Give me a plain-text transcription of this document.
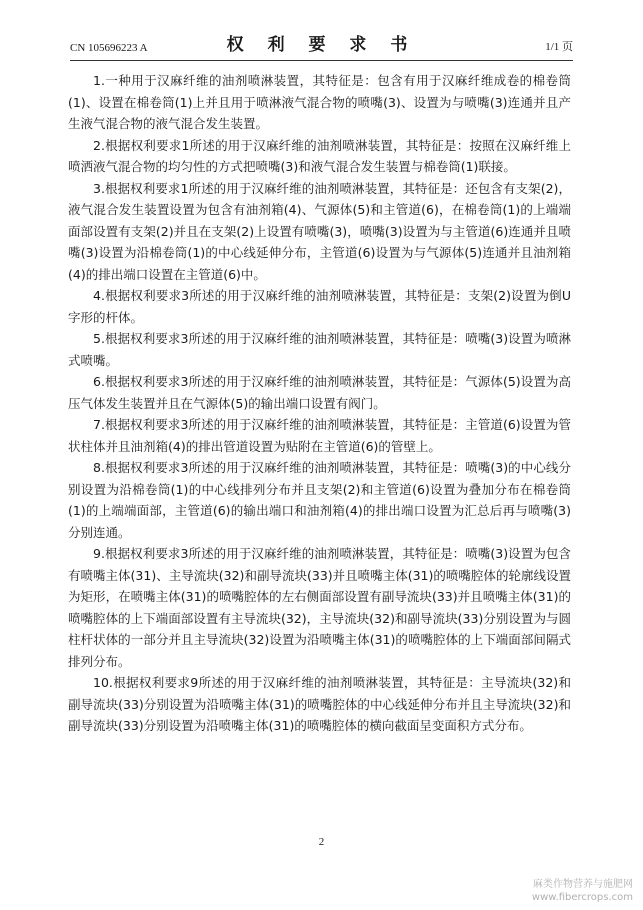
CN 105696223 A	权 利 要 求 书	1/1 页

1.一种用于汉麻纤维的油剂喷淋装置，其特征是：包含有用于汉麻纤维成卷的棉卷筒(1)、设置在棉卷筒(1)上并且用于喷淋液气混合物的喷嘴(3)、设置为与喷嘴(3)连通并且产生液气混合物的液气混合发生装置。

2.根据权利要求1所述的用于汉麻纤维的油剂喷淋装置，其特征是：按照在汉麻纤维上喷洒液气混合物的均匀性的方式把喷嘴(3)和液气混合发生装置与棉卷筒(1)联接。

3.根据权利要求1所述的用于汉麻纤维的油剂喷淋装置，其特征是：还包含有支架(2)，液气混合发生装置设置为包含有油剂箱(4)、气源体(5)和主管道(6)，在棉卷筒(1)的上端端面部设置有支架(2)并且在支架(2)上设置有喷嘴(3)，喷嘴(3)设置为与主管道(6)连通并且喷嘴(3)设置为沿棉卷筒(1)的中心线延伸分布，主管道(6)设置为与气源体(5)连通并且油剂箱(4)的排出端口设置在主管道(6)中。

4.根据权利要求3所述的用于汉麻纤维的油剂喷淋装置，其特征是：支架(2)设置为倒U字形的杆体。

5.根据权利要求3所述的用于汉麻纤维的油剂喷淋装置，其特征是：喷嘴(3)设置为喷淋式喷嘴。

6.根据权利要求3所述的用于汉麻纤维的油剂喷淋装置，其特征是：气源体(5)设置为高压气体发生装置并且在气源体(5)的输出端口设置有阀门。

7.根据权利要求3所述的用于汉麻纤维的油剂喷淋装置，其特征是：主管道(6)设置为管状柱体并且油剂箱(4)的排出管道设置为贴附在主管道(6)的管壁上。

8.根据权利要求3所述的用于汉麻纤维的油剂喷淋装置，其特征是：喷嘴(3)的中心线分别设置为沿棉卷筒(1)的中心线排列分布并且支架(2)和主管道(6)设置为叠加分布在棉卷筒(1)的上端端面部，主管道(6)的输出端口和油剂箱(4)的排出端口设置为汇总后再与喷嘴(3)分别连通。

9.根据权利要求3所述的用于汉麻纤维的油剂喷淋装置，其特征是：喷嘴(3)设置为包含有喷嘴主体(31)、主导流块(32)和副导流块(33)并且喷嘴主体(31)的喷嘴腔体的轮廓线设置为矩形，在喷嘴主体(31)的喷嘴腔体的左右侧面部设置有副导流块(33)并且喷嘴主体(31)的喷嘴腔体的上下端面部设置有主导流块(32)，主导流块(32)和副导流块(33)分别设置为与圆柱杆状体的一部分并且主导流块(32)设置为沿喷嘴主体(31)的喷嘴腔体的上下端面部间隔式排列分布。

10.根据权利要求9所述的用于汉麻纤维的油剂喷淋装置，其特征是：主导流块(32)和副导流块(33)分别设置为沿喷嘴主体(31)的喷嘴腔体的中心线延伸分布并且主导流块(32)和副导流块(33)分别设置为沿喷嘴主体(31)的喷嘴腔体的横向截面呈变面积方式分布。

2
麻类作物营养与施肥网
www.fibercrops.com
